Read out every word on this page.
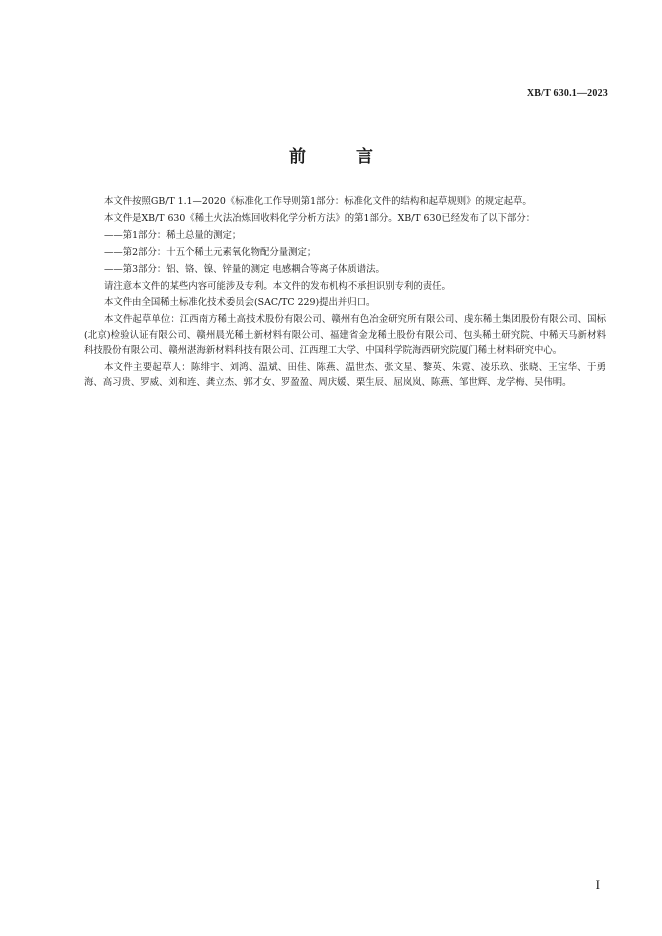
XB/T 630.1—2023
前 言

本文件按照GB/T 1.1—2020《标准化工作导则第1部分：标准化文件的结构和起草规则》的规定起草。

本文件是XB/T 630《稀土火法冶炼回收料化学分析方法》的第1部分。XB/T 630已经发布了以下部分：

——第1部分：稀土总量的测定；

——第2部分：十五个稀土元素氧化物配分量测定；

——第3部分：铝、铬、镍、锌量的测定 电感耦合等离子体质谱法。

请注意本文件的某些内容可能涉及专利。本文件的发布机构不承担识别专利的责任。

本文件由全国稀土标准化技术委员会(SAC/TC 229)提出并归口。

本文件起草单位：江西南方稀土高技术股份有限公司、赣州有色冶金研究所有限公司、虔东稀土集团股份有限公司、国标(北京)检验认证有限公司、赣州晨光稀土新材料有限公司、福建省金龙稀土股份有限公司、包头稀土研究院、中稀天马新材料科技股份有限公司、赣州湛海新材料科技有限公司、江西理工大学、中国科学院海西研究院厦门稀土材料研究中心。

本文件主要起草人：陈绯宇、刘鸿、温斌、田佳、陈燕、温世杰、张文星、黎英、朱霓、凌乐玖、张晓、王宝华、于勇海、高习贵、罗威、刘和连、龚立杰、郭才女、罗盈盈、周庆媛、栗生辰、屈岚岚、陈燕、邹世辉、龙学梅、吴伟明。

I
